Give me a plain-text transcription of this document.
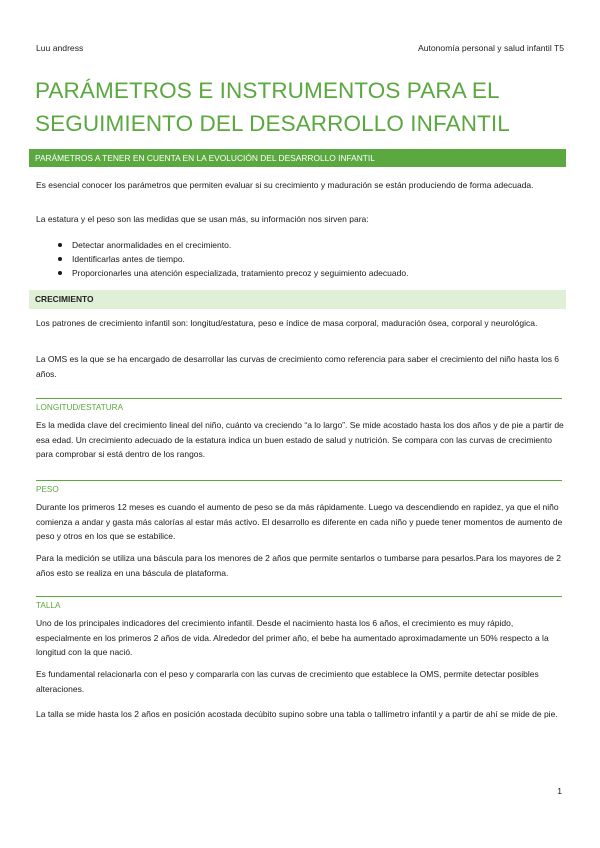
Luu andress	Autonomía personal y salud infantil T5
PARÁMETROS E INSTRUMENTOS PARA EL
SEGUIMIENTO DEL DESARROLLO INFANTIL
PARÁMETROS A TENER EN CUENTA EN LA EVOLUCIÓN DEL DESARROLLO INFANTIL

Es esencial conocer los parámetros que permiten evaluar si su crecimiento y maduración se están produciendo de forma adecuada.

La estatura y el peso son las medidas que se usan más, su información nos sirven para:

Detectar anormalidades en el crecimiento.
Identificarlas antes de tiempo.
Proporcionarles una atención especializada, tratamiento precoz y seguimiento adecuado.
CRECIMIENTO

Los patrones de crecimiento infantil son: longitud/estatura, peso e índice de masa corporal, maduración ósea, corporal y neurológica.

La OMS es la que se ha encargado de desarrollar las curvas de crecimiento como referencia para saber el crecimiento del niño hasta los 6 años.

LONGITUD/ESTATURA

Es la medida clave del crecimiento lineal del niño, cuánto va creciendo “a lo largo”. Se mide acostado hasta los dos años y de pie a partir de esa edad. Un crecimiento adecuado de la estatura indica un buen estado de salud y nutrición. Se compara con las curvas de crecimiento para comprobar si está dentro de los rangos.

PESO

Durante los primeros 12 meses es cuando el aumento de peso se da más rápidamente. Luego va descendiendo en rapidez, ya que el niño comienza a andar y gasta más calorías al estar más activo. El desarrollo es diferente en cada niño y puede tener momentos de aumento de peso y otros en los que se estabilice.

Para la medición se utiliza una báscula para los menores de 2 años que permite sentarlos o tumbarse para pesarlos.Para los mayores de 2 años esto se realiza en una báscula de plataforma.

TALLA

Uno de los principales indicadores del crecimiento infantil. Desde el nacimiento hasta los 6 años, el crecimiento es muy rápido, especialmente en los primeros 2 años de vida. Alrededor del primer año, el bebe ha aumentado aproximadamente un 50% respecto a la longitud con la que nació.

Es fundamental relacionarla con el peso y compararla con las curvas de crecimiento que establece la OMS, permite detectar posibles alteraciones.

La talla se mide hasta los 2 años en posición acostada decúbito supino sobre una tabla o tallímetro infantil y a partir de ahí se mide de pie.

1
